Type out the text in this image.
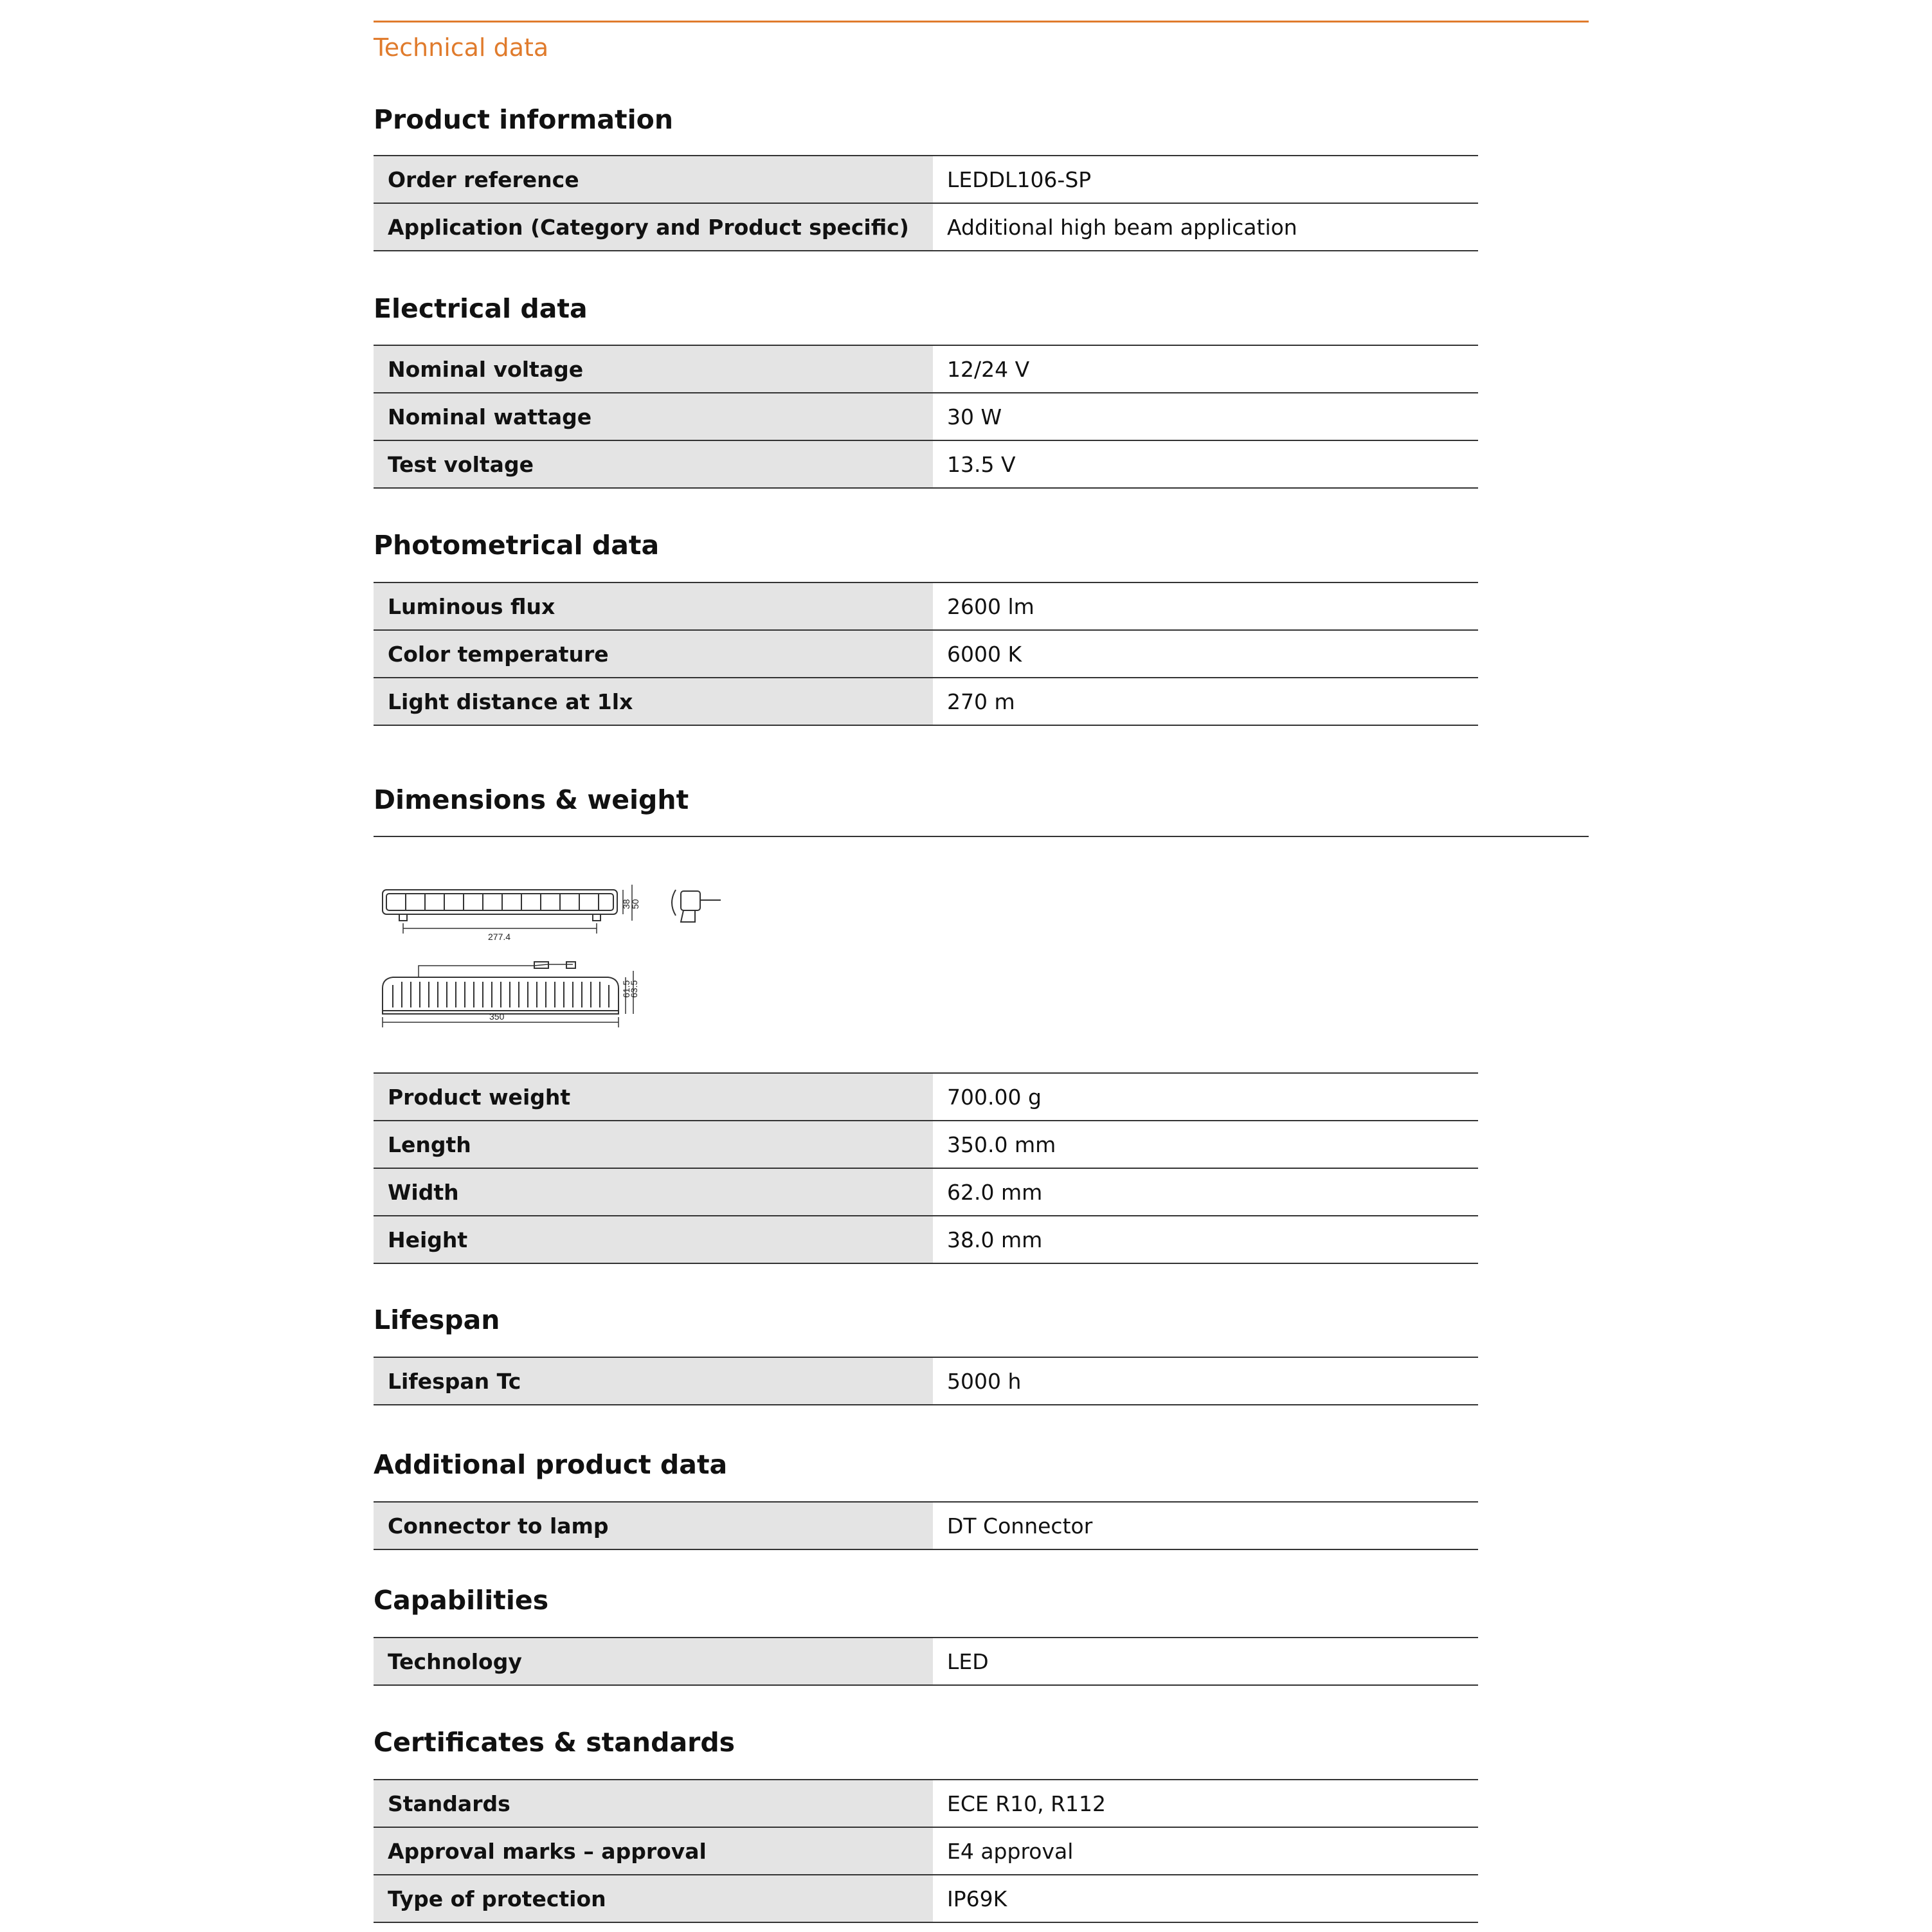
Technical data
Product information
Order reference	LEDDL106-SP
Application (Category and Product specific)	Additional high beam application
Electrical data
Nominal voltage	12/24 V
Nominal wattage	30 W
Test voltage	13.5 V
Photometrical data
Luminous flux	2600 lm
Color temperature	6000 K
Light distance at 1lx	270 m
Dimensions & weight
277.4
38
50
350
61.5
63.5
Product weight	700.00 g
Length	350.0 mm
Width	62.0 mm
Height	38.0 mm
Lifespan
Lifespan Tc	5000 h
Additional product data
Connector to lamp	DT Connector
Capabilities
Technology	LED
Certificates & standards
Standards	ECE R10, R112
Approval marks – approval	E4 approval
Type of protection	IP69K
